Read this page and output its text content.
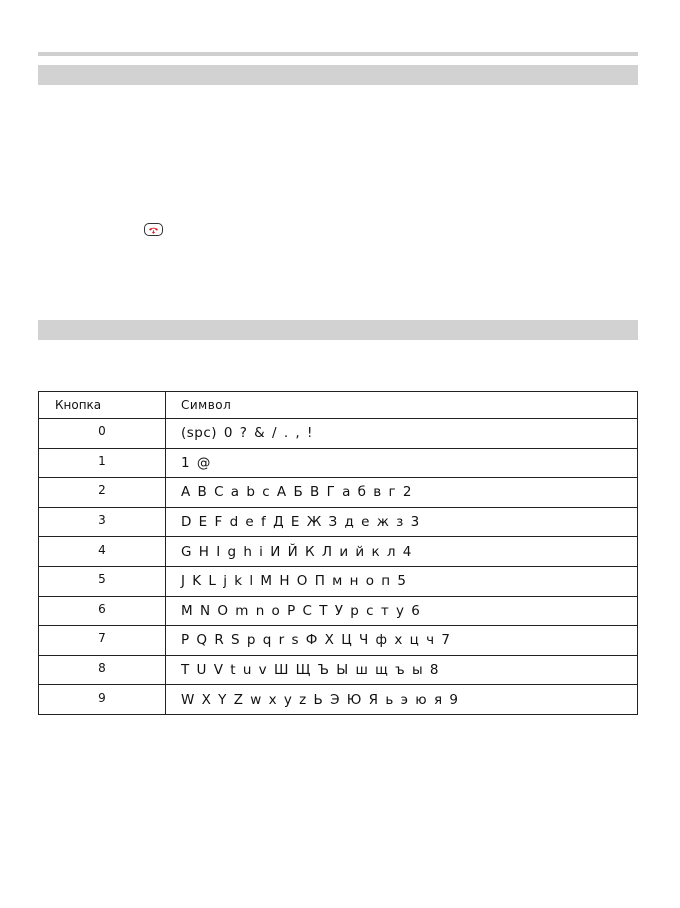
Кнопка	Символ
0	(spc) 0 ? & / . , !
1	1 @
2	A B C a b c А Б В Г а б в г 2
3	D E F d e f Д Е Ж З д е ж з 3
4	G H I g h i И Й К Л и й к л 4
5	J K L j k l М Н О П м н о п 5
6	M N O m n o Р С Т У р с т у 6
7	P Q R S p q r s Ф Х Ц Ч ф х ц ч 7
8	T U V t u v Ш Щ Ъ Ы ш щ ъ ы 8
9	W X Y Z w x y z Ь Э Ю Я ь э ю я 9
